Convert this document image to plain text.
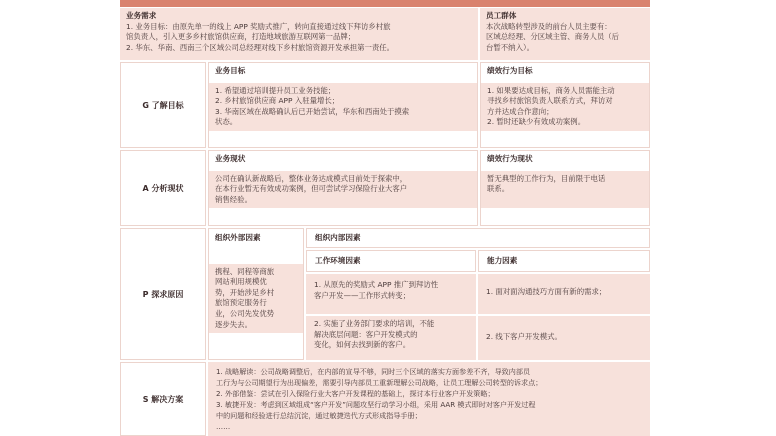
业务需求
1. 业务目标：由原先单一的线上 APP 奖励式推广，转向直接通过线下拜访乡村旅
馆负责人，引入更多乡村旅馆供应商，打造地域旅游互联网第一品牌；
2. 华东、华南、西南三个区域公司总经理对线下乡村旅馆资源开发承担第一责任。
员工群体
本次战略转型涉及的前台人员主要有：
区域总经理、分区域主管、商务人员（后
台暂不纳入）。
G 了解目标
业务目标
1. 希望通过培训提升员工业务技能；
2. 乡村旅馆供应商 APP 入驻量增长；
3. 华南区域在战略确认后已开始尝试，华东和西南处于摸索
状态。
绩效行为目标
1. 如果要达成目标，商务人员需能主动
寻找乡村旅馆负责人联系方式，拜访对
方并达成合作意向；
2. 暂时还缺少有效成功案例。
A 分析现状
业务现状
公司在确认新战略后，整体业务达成模式目前处于探索中，
在本行业暂无有效成功案例，但可尝试学习保险行业大客户
销售经验。
绩效行为现状
暂无典型的工作行为，目前限于电话
联系。
P 探求原因
组织外部因素
携程、同程等商旅
网站利用规模优
势，开始涉足乡村
旅馆预定服务行
业，公司先发优势
逐步失去。
组织内部因素
工作环境因素	能力因素
1. 从原先的奖励式 APP 推广到拜访性
客户开发——工作形式转变；	1. 面对面沟通技巧方面有新的需求；
2. 实施了业务部门要求的培训，不能
解决底层问题：客户开发模式的
变化，如何去找到新的客户。
2. 线下客户开发模式。
S 解决方案
1. 战略解读：公司战略调整后，在内部的宣导不够，同时三个区域的落实方面参差不齐，导致内部员
工行为与公司期望行为出现偏差，需要引导内部员工重新理解公司战略，让员工理解公司转型的诉求点；
2. 外部借鉴：尝试在引入保险行业大客户开发课程的基础上，探讨本行业客户开发策略；
3. 敏捷开发：考虑到区域组成“客户开发”问题攻坚行动学习小组，采用 AAR 模式即时对客户开发过程
中的问题和经验进行总结沉淀，通过敏捷迭代方式形成指导手册；
……
